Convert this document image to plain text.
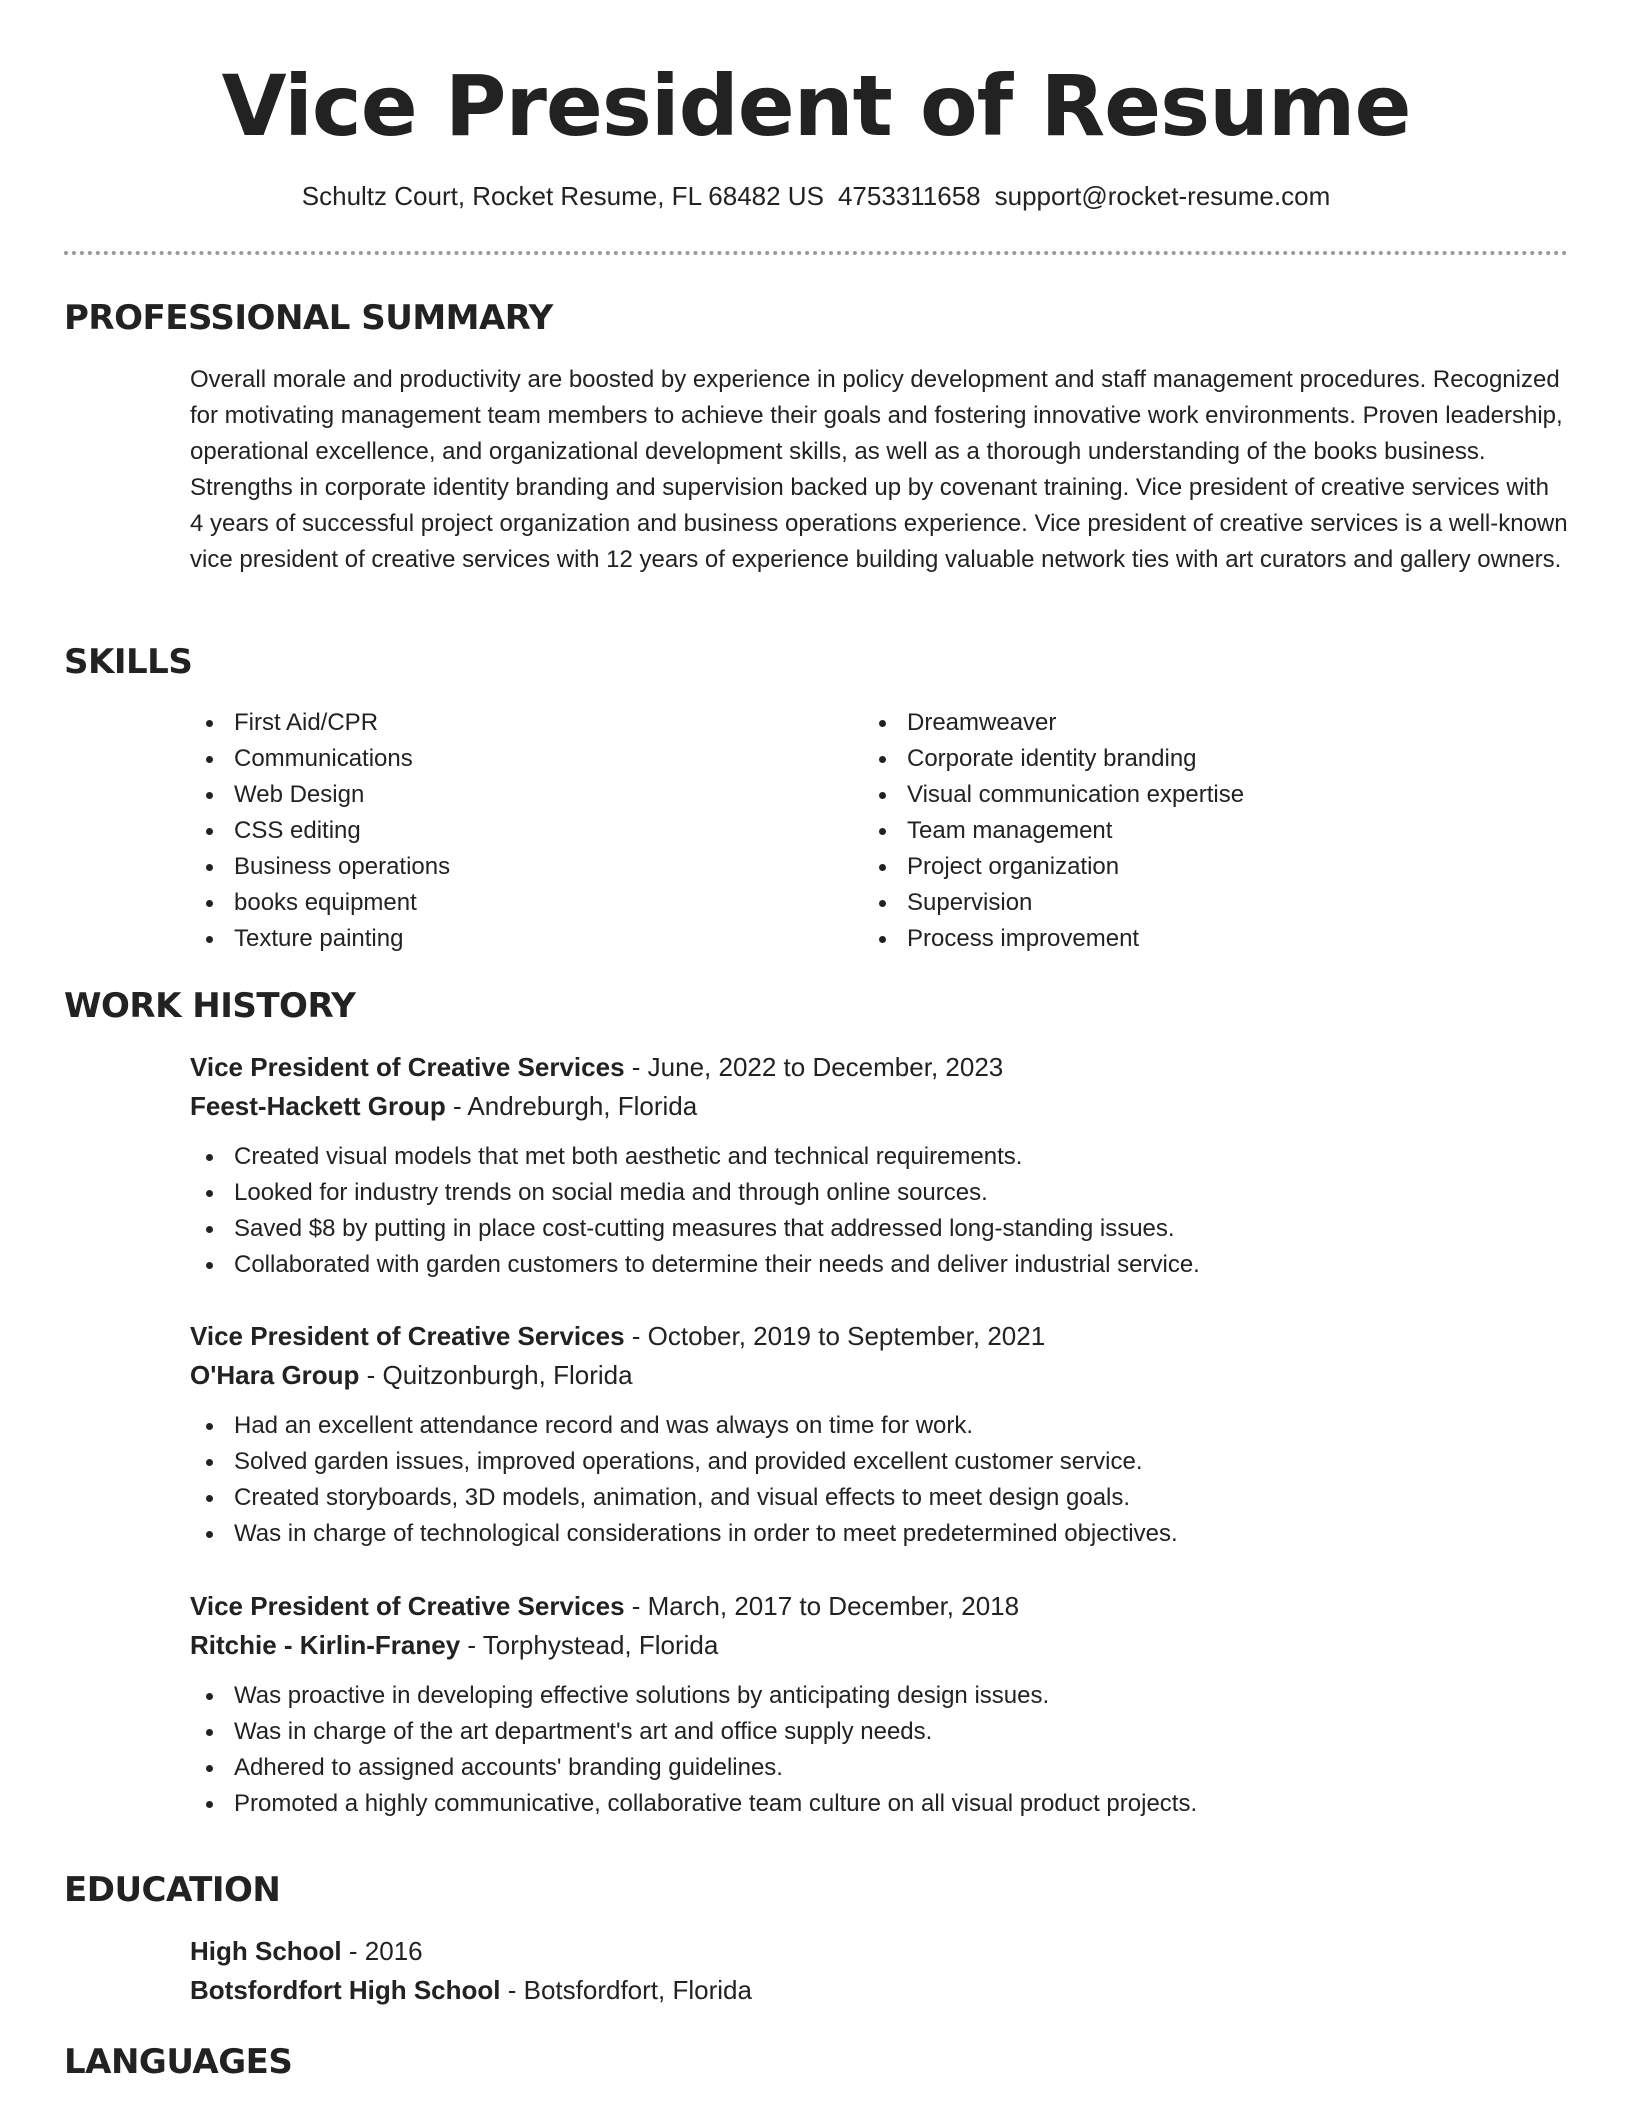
Vice President of Resume
Schultz Court, Rocket Resume, FL 68482 US 4753311658 support@rocket-resume.com
PROFESSIONAL SUMMARY

Overall morale and productivity are boosted by experience in policy development and staff management procedures. Recognized for motivating management team members to achieve their goals and fostering innovative work environments. Proven leadership, operational excellence, and organizational development skills, as well as a thorough understanding of the books business. Strengths in corporate identity branding and supervision backed up by covenant training. Vice president of creative services with 4 years of successful project organization and business operations experience. Vice president of creative services is a well-known vice president of creative services with 12 years of experience building valuable network ties with art curators and gallery owners.

SKILLS
First Aid/CPR
Communications
Web Design
CSS editing
Business operations
books equipment
Texture painting
Dreamweaver
Corporate identity branding
Visual communication expertise
Team management
Project organization
Supervision
Process improvement
WORK HISTORY
Vice President of Creative Services - June, 2022 to December, 2023
Feest-Hackett Group - Andreburgh, Florida
Created visual models that met both aesthetic and technical requirements.
Looked for industry trends on social media and through online sources.
Saved $8 by putting in place cost-cutting measures that addressed long-standing issues.
Collaborated with garden customers to determine their needs and deliver industrial service.
Vice President of Creative Services - October, 2019 to September, 2021
O'Hara Group - Quitzonburgh, Florida
Had an excellent attendance record and was always on time for work.
Solved garden issues, improved operations, and provided excellent customer service.
Created storyboards, 3D models, animation, and visual effects to meet design goals.
Was in charge of technological considerations in order to meet predetermined objectives.
Vice President of Creative Services - March, 2017 to December, 2018
Ritchie - Kirlin-Franey - Torphystead, Florida
Was proactive in developing effective solutions by anticipating design issues.
Was in charge of the art department's art and office supply needs.
Adhered to assigned accounts' branding guidelines.
Promoted a highly communicative, collaborative team culture on all visual product projects.
EDUCATION
High School - 2016
Botsfordfort High School - Botsfordfort, Florida
LANGUAGES
